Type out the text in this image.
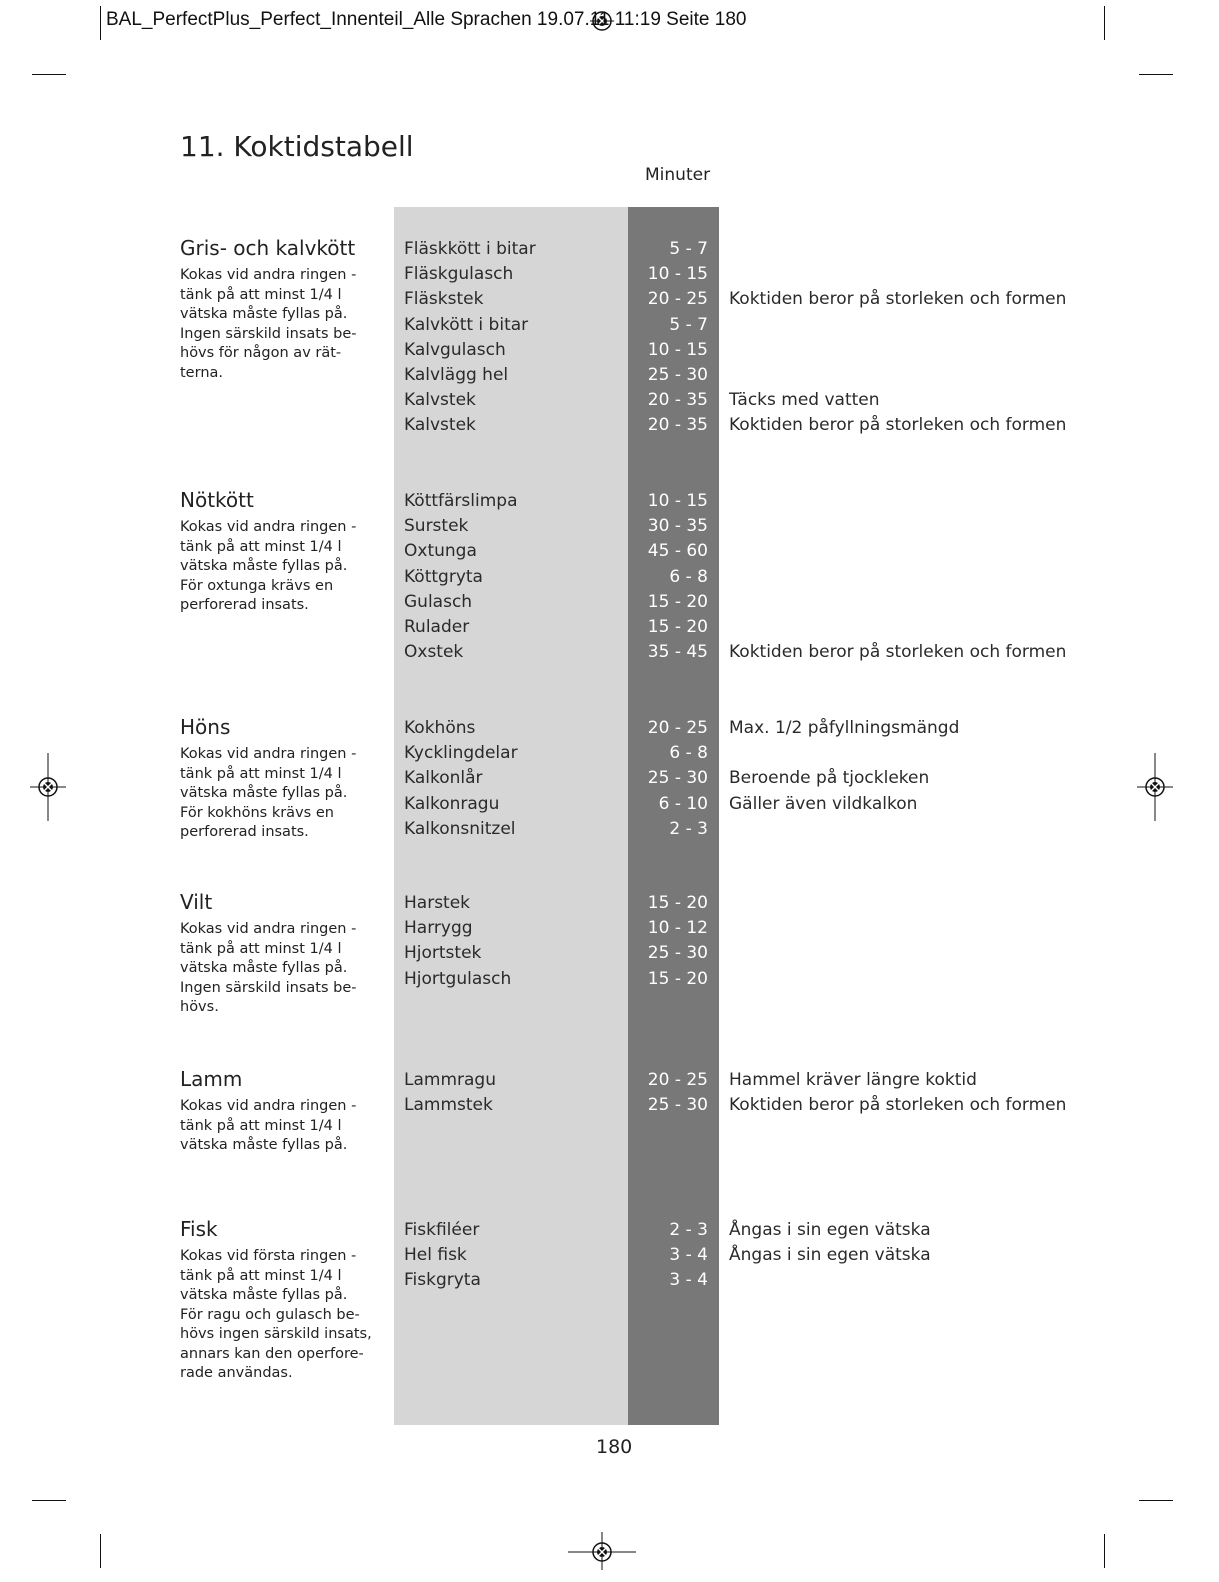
BAL_PerfectPlus_Perfect_Innenteil_Alle Sprachen 19.07.11 11:19 Seite 180
11. Koktidstabell
Minuter
Gris- och kalvkött
Kokas vid andra ringen -
tänk på att minst 1/4 l
vätska måste fyllas på.
Ingen särskild insats be-
hövs för någon av rät-
terna.
Fläskkött i bitar	5 - 7
Fläskgulasch	10 - 15
Fläskstek	20 - 25 Koktiden beror på storleken och formen
Kalvkött i bitar	5 - 7
Kalvgulasch	10 - 15
Kalvlägg hel	25 - 30
Kalvstek	20 - 35 Täcks med vatten
Kalvstek	20 - 35 Koktiden beror på storleken och formen
Nötkött
Kokas vid andra ringen -
tänk på att minst 1/4 l
vätska måste fyllas på.
För oxtunga krävs en
perforerad insats.
Köttfärslimpa	10 - 15
Surstek	30 - 35
Oxtunga	45 - 60
Köttgryta	6 - 8
Gulasch	15 - 20
Rulader	15 - 20
Oxstek	35 - 45 Koktiden beror på storleken och formen
Höns
Kokas vid andra ringen -
tänk på att minst 1/4 l
vätska måste fyllas på.
För kokhöns krävs en
perforerad insats.
Kokhöns	20 - 25 Max. 1/2 påfyllningsmängd
Kycklingdelar	6 - 8
Kalkonlår	25 - 30 Beroende på tjockleken
Kalkonragu	6 - 10 Gäller även vildkalkon
Kalkonsnitzel	2 - 3
Vilt
Kokas vid andra ringen -
tänk på att minst 1/4 l
vätska måste fyllas på.
Ingen särskild insats be-
hövs.
Harstek	15 - 20
Harrygg	10 - 12
Hjortstek	25 - 30
Hjortgulasch	15 - 20
Lamm
Kokas vid andra ringen -
tänk på att minst 1/4 l
vätska måste fyllas på.
Lammragu	20 - 25 Hammel kräver längre koktid
Lammstek	25 - 30 Koktiden beror på storleken och formen
Fisk
Kokas vid första ringen -
tänk på att minst 1/4 l
vätska måste fyllas på.
För ragu och gulasch be-
hövs ingen särskild insats,
annars kan den operfore-
rade användas.
Fiskfiléer	2 - 3 Ångas i sin egen vätska
Hel fisk	3 - 4 Ångas i sin egen vätska
Fiskgryta	3 - 4
180
